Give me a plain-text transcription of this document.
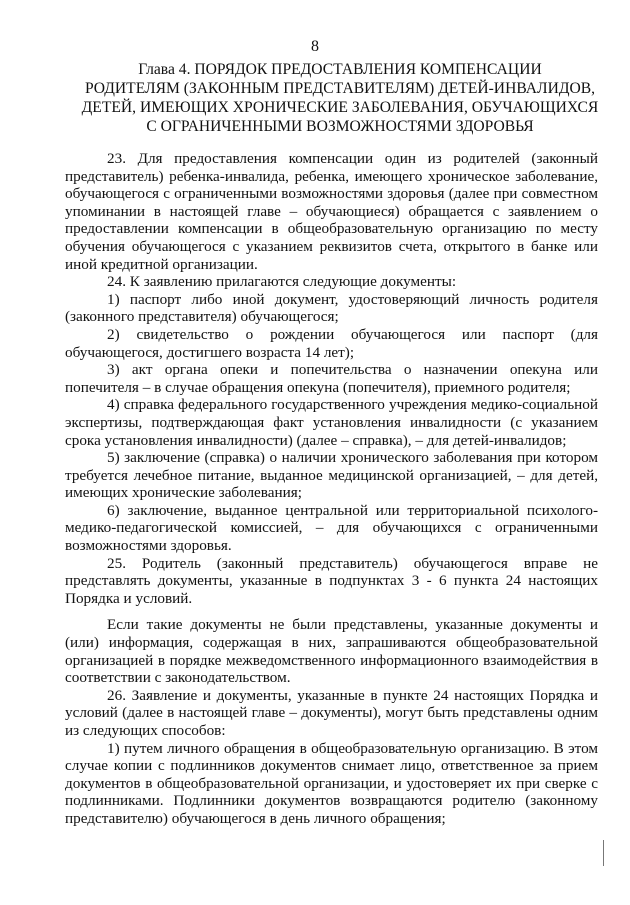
8
Глава 4. ПОРЯДОК ПРЕДОСТАВЛЕНИЯ КОМПЕНСАЦИИ
РОДИТЕЛЯМ (ЗАКОННЫМ ПРЕДСТАВИТЕЛЯМ) ДЕТЕЙ-ИНВАЛИДОВ,
ДЕТЕЙ, ИМЕЮЩИХ ХРОНИЧЕСКИЕ ЗАБОЛЕВАНИЯ, ОБУЧАЮЩИХСЯ
С ОГРАНИЧЕННЫМИ ВОЗМОЖНОСТЯМИ ЗДОРОВЬЯ

23. Для предоставления компенсации один из родителей (законный представитель) ребенка-инвалида, ребенка, имеющего хроническое заболевание, обучающегося с ограниченными возможностями здоровья (далее при совместном упоминании в настоящей главе – обучающиеся) обращается с заявлением о предоставлении компенсации в общеобразовательную организацию по месту обучения обучающегося с указанием реквизитов счета, открытого в банке или иной кредитной организации.

24. К заявлению прилагаются следующие документы:

1) паспорт либо иной документ, удостоверяющий личность родителя (законного представителя) обучающегося;

2) свидетельство о рождении обучающегося или паспорт (для обучающегося, достигшего возраста 14 лет);

3) акт органа опеки и попечительства о назначении опекуна или попечителя – в случае обращения опекуна (попечителя), приемного родителя;

4) справка федерального государственного учреждения медико-социальной экспертизы, подтверждающая факт установления инвалидности (с указанием срока установления инвалидности) (далее – справка), – для детей-инвалидов;

5) заключение (справка) о наличии хронического заболевания при котором требуется лечебное питание, выданное медицинской организацией, – для детей, имеющих хронические заболевания;

6) заключение, выданное центральной или территориальной психолого-медико-педагогической комиссией, – для обучающихся с ограниченными возможностями здоровья.

25. Родитель (законный представитель) обучающегося вправе не представлять документы, указанные в подпунктах 3 - 6 пункта 24 настоящих Порядка и условий.

Если такие документы не были представлены, указанные документы и (или) информация, содержащая в них, запрашиваются общеобразовательной организацией в порядке межведомственного информационного взаимодействия в соответствии с законодательством.

26. Заявление и документы, указанные в пункте 24 настоящих Порядка и условий (далее в настоящей главе – документы), могут быть представлены одним из следующих способов:

1) путем личного обращения в общеобразовательную организацию. В этом случае копии с подлинников документов снимает лицо, ответственное за прием документов в общеобразовательной организации, и удостоверяет их при сверке с подлинниками. Подлинники документов возвращаются родителю (законному представителю) обучающегося в день личного обращения;
